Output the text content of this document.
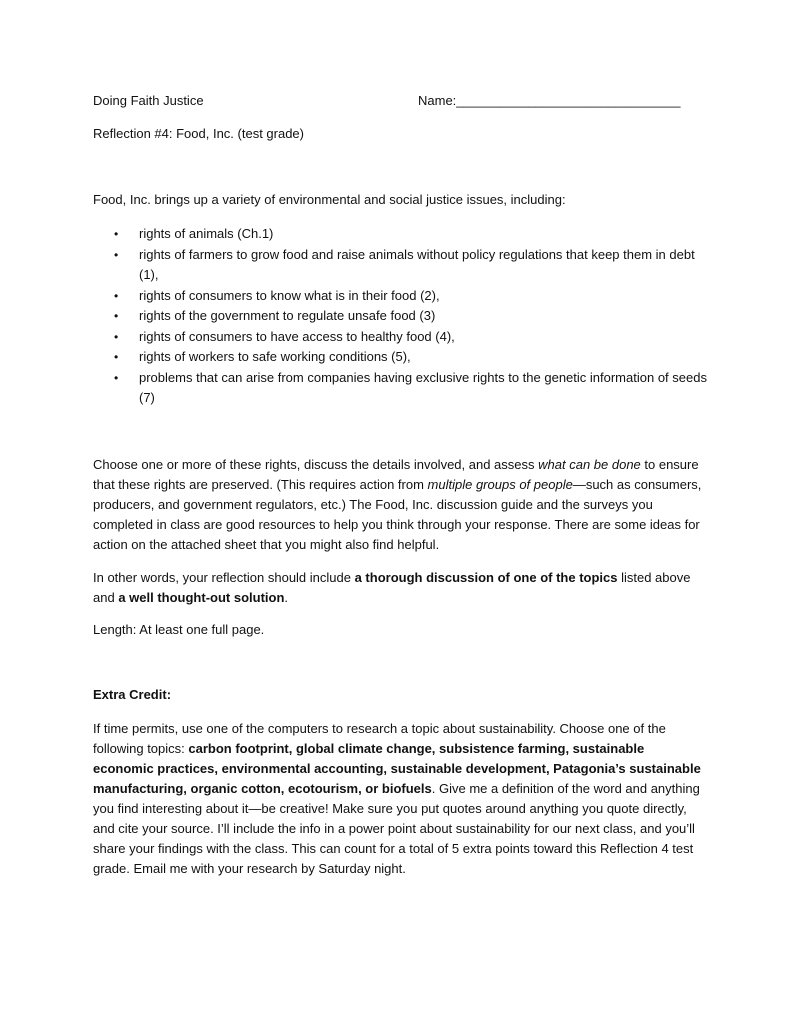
Doing Faith Justice	Name:_______________________________
Reflection #4: Food, Inc. (test grade)
Food, Inc. brings up a variety of environmental and social justice issues, including:
• rights of animals (Ch.1)
• rights of farmers to grow food and raise animals without policy regulations that keep them in debt (1),
• rights of consumers to know what is in their food (2),
• rights of the government to regulate unsafe food (3)
• rights of consumers to have access to healthy food (4),
• rights of workers to safe working conditions (5),
• problems that can arise from companies having exclusive rights to the genetic information of seeds (7)

Choose one or more of these rights, discuss the details involved, and assess what can be done to ensure that these rights are preserved. (This requires action from multiple groups of people—such as consumers, producers, and government regulators, etc.) The Food, Inc. discussion guide and the surveys you completed in class are good resources to help you think through your response. There are some ideas for action on the attached sheet that you might also find helpful.

In other words, your reflection should include a thorough discussion of one of the topics listed above and a well thought-out solution.

Length: At least one full page.
Extra Credit:

If time permits, use one of the computers to research a topic about sustainability. Choose one of the following topics: carbon footprint, global climate change, subsistence farming, sustainable economic practices, environmental accounting, sustainable development, Patagonia’s sustainable manufacturing, organic cotton, ecotourism, or biofuels. Give me a definition of the word and anything you find interesting about it—be creative! Make sure you put quotes around anything you quote directly, and cite your source. I’ll include the info in a power point about sustainability for our next class, and you’ll share your findings with the class. This can count for a total of 5 extra points toward this Reflection 4 test grade. Email me with your research by Saturday night.
